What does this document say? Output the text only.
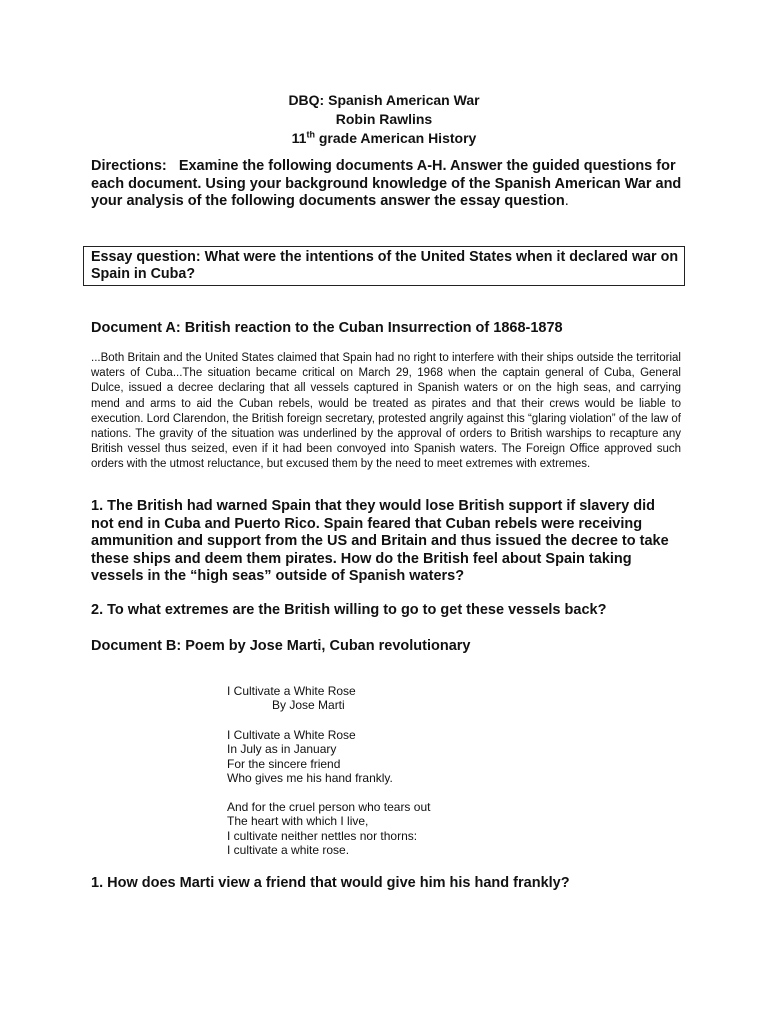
DBQ: Spanish American War
Robin Rawlins
11th grade American History
Directions: Examine the following documents A-H. Answer the guided questions for each document. Using your background knowledge of the Spanish American War and your analysis of the following documents answer the essay question.
Essay question: What were the intentions of the United States when it declared war on Spain in Cuba?
Document A: British reaction to the Cuban Insurrection of 1868-1878
...Both Britain and the United States claimed that Spain had no right to interfere with their ships outside the territorial waters of Cuba...The situation became critical on March 29, 1968 when the captain general of Cuba, General Dulce, issued a decree declaring that all vessels captured in Spanish waters or on the high seas, and carrying mend and arms to aid the Cuban rebels, would be treated as pirates and that their crews would be liable to execution. Lord Clarendon, the British foreign secretary, protested angrily against this “glaring violation” of the law of nations. The gravity of the situation was underlined by the approval of orders to British warships to recapture any British vessel thus seized, even if it had been convoyed into Spanish waters. The Foreign Office approved such orders with the utmost reluctance, but excused them by the need to meet extremes with extremes.
1. The British had warned Spain that they would lose British support if slavery did not end in Cuba and Puerto Rico. Spain feared that Cuban rebels were receiving ammunition and support from the US and Britain and thus issued the decree to take these ships and deem them pirates. How do the British feel about Spain taking vessels in the “high seas” outside of Spanish waters?
2. To what extremes are the British willing to go to get these vessels back?
Document B: Poem by Jose Marti, Cuban revolutionary
I Cultivate a White Rose
By Jose Marti
I Cultivate a White Rose
In July as in January
For the sincere friend
Who gives me his hand frankly.
And for the cruel person who tears out
The heart with which I live,
I cultivate neither nettles nor thorns:
I cultivate a white rose.
1. How does Marti view a friend that would give him his hand frankly?
